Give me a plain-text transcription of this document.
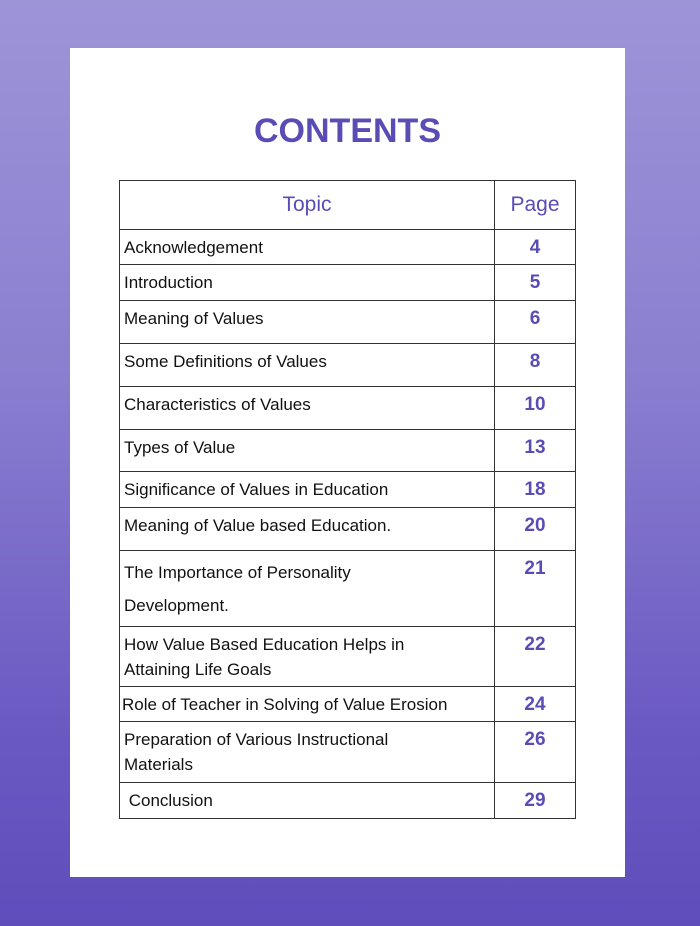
CONTENTS
Topic	Page
Acknowledgement	4
Introduction	5
Meaning of Values	6
Some Definitions of Values	8
Characteristics of Values	10
Types of Value	13
Significance of Values in Education	18
Meaning of Value based Education.	20
The Importance of Personality Development.	21
How Value Based Education Helps in Attaining Life Goals	22
Role of Teacher in Solving of Value Erosion	24
Preparation of Various Instructional Materials	26
Conclusion	29
